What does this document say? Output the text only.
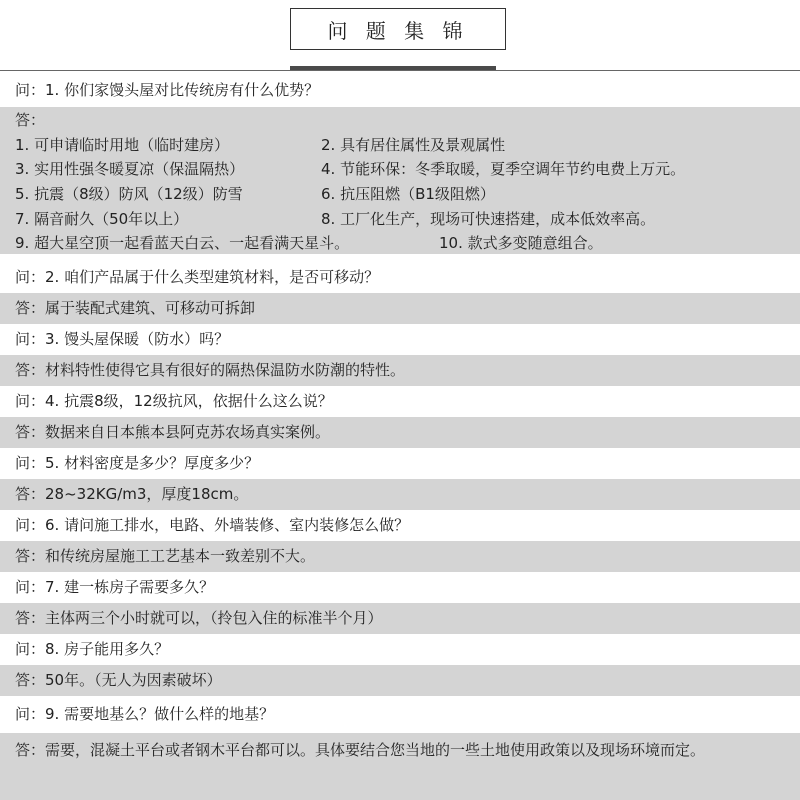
问 题 集 锦
问：1. 你们家馒头屋对比传统房有什么优势？
答：
1. 可申请临时用地（临时建房）	2. 具有居住属性及景观属性
3. 实用性强冬暖夏凉（保温隔热）	4. 节能环保：冬季取暖，夏季空调年节约电费上万元。
5. 抗震（8级）防风（12级）防雪	6. 抗压阻燃（B1级阻燃）
7. 隔音耐久（50年以上）	8. 工厂化生产，现场可快速搭建，成本低效率高。
9. 超大星空顶一起看蓝天白云、一起看满天星斗。	10. 款式多变随意组合。
问：2. 咱们产品属于什么类型建筑材料，是否可移动？
答：属于装配式建筑、可移动可拆卸
问：3. 馒头屋保暖（防水）吗？
答：材料特性使得它具有很好的隔热保温防水防潮的特性。
问：4. 抗震8级，12级抗风，依据什么这么说？
答：数据来自日本熊本县阿克苏农场真实案例。
问：5. 材料密度是多少？厚度多少？
答：28~32KG/m3，厚度18cm。
问：6. 请问施工排水，电路、外墙装修、室内装修怎么做？
答：和传统房屋施工工艺基本一致差别不大。
问：7. 建一栋房子需要多久？
答：主体两三个小时就可以，（拎包入住的标准半个月）
问：8. 房子能用多久？
答：50年。（无人为因素破坏）
问：9. 需要地基么？做什么样的地基？
答：需要，混凝土平台或者钢木平台都可以。具体要结合您当地的一些土地使用政策以及现场环境而定。
